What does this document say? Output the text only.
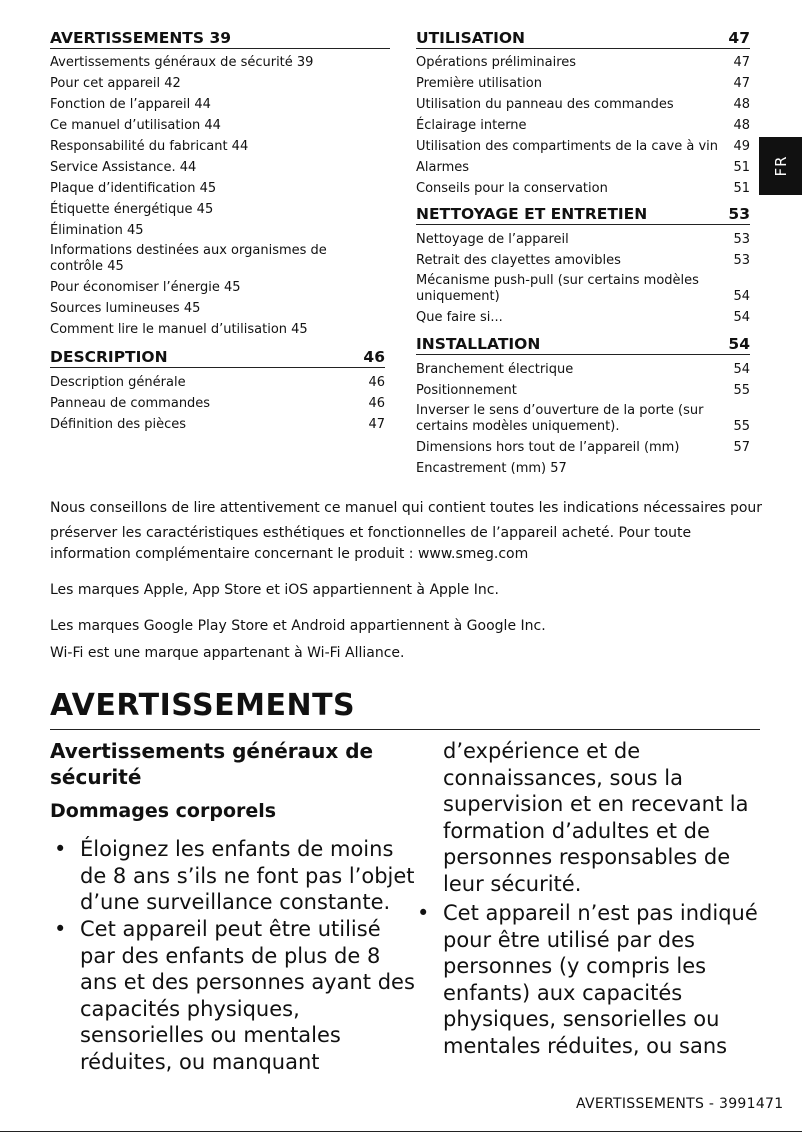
AVERTISSEMENTS 39
Avertissements généraux de sécurité 39
Pour cet appareil 42
Fonction de l’appareil 44
Ce manuel d’utilisation 44
Responsabilité du fabricant 44
Service Assistance. 44
Plaque d’identification 45
Étiquette énergétique 45
Élimination 45
Informations destinées aux organismes de contrôle 45
Pour économiser l’énergie 45
Sources lumineuses 45
Comment lire le manuel d’utilisation 45
DESCRIPTION	46
Description générale	46
Panneau de commandes	46
Définition des pièces	47
UTILISATION	47
Opérations préliminaires	47
Première utilisation	47
Utilisation du panneau des commandes	48
Éclairage interne	48
Utilisation des compartiments de la cave à vin 49
Alarmes	51
Conseils pour la conservation	51
NETTOYAGE ET ENTRETIEN	53
Nettoyage de l’appareil	53
Retrait des clayettes amovibles	53
Mécanisme push-pull (sur certains modèles uniquement)	54
Que faire si...	54
INSTALLATION	54
Branchement électrique	54
Positionnement	55
Inverser le sens d’ouverture de la porte (sur certains modèles uniquement).	55
Dimensions hors tout de l’appareil (mm)	57
Encastrement (mm) 57
FR
Nous conseillons de lire attentivement ce manuel qui contient toutes les indications nécessaires pour
préserver les caractéristiques esthétiques et fonctionnelles de l’appareil acheté. Pour toute
information complémentaire concernant le produit : www.smeg.com
Les marques Apple, App Store et iOS appartiennent à Apple Inc.
Les marques Google Play Store et Android appartiennent à Google Inc.
Wi-Fi est une marque appartenant à Wi-Fi Alliance.
AVERTISSEMENTS
Avertissements généraux de sécurité
Dommages corporels
• Éloignez les enfants de moins
de 8 ans s’ils ne font pas l’objet
d’une surveillance constante.
• Cet appareil peut être utilisé
par des enfants de plus de 8
ans et des personnes ayant des
capacités physiques,
sensorielles ou mentales
réduites, ou manquant
d’expérience et de
connaissances, sous la
supervision et en recevant la
formation d’adultes et de
personnes responsables de
leur sécurité.
• Cet appareil n’est pas indiqué
pour être utilisé par des
personnes (y compris les
enfants) aux capacités
physiques, sensorielles ou
mentales réduites, ou sans
AVERTISSEMENTS - 3991471
